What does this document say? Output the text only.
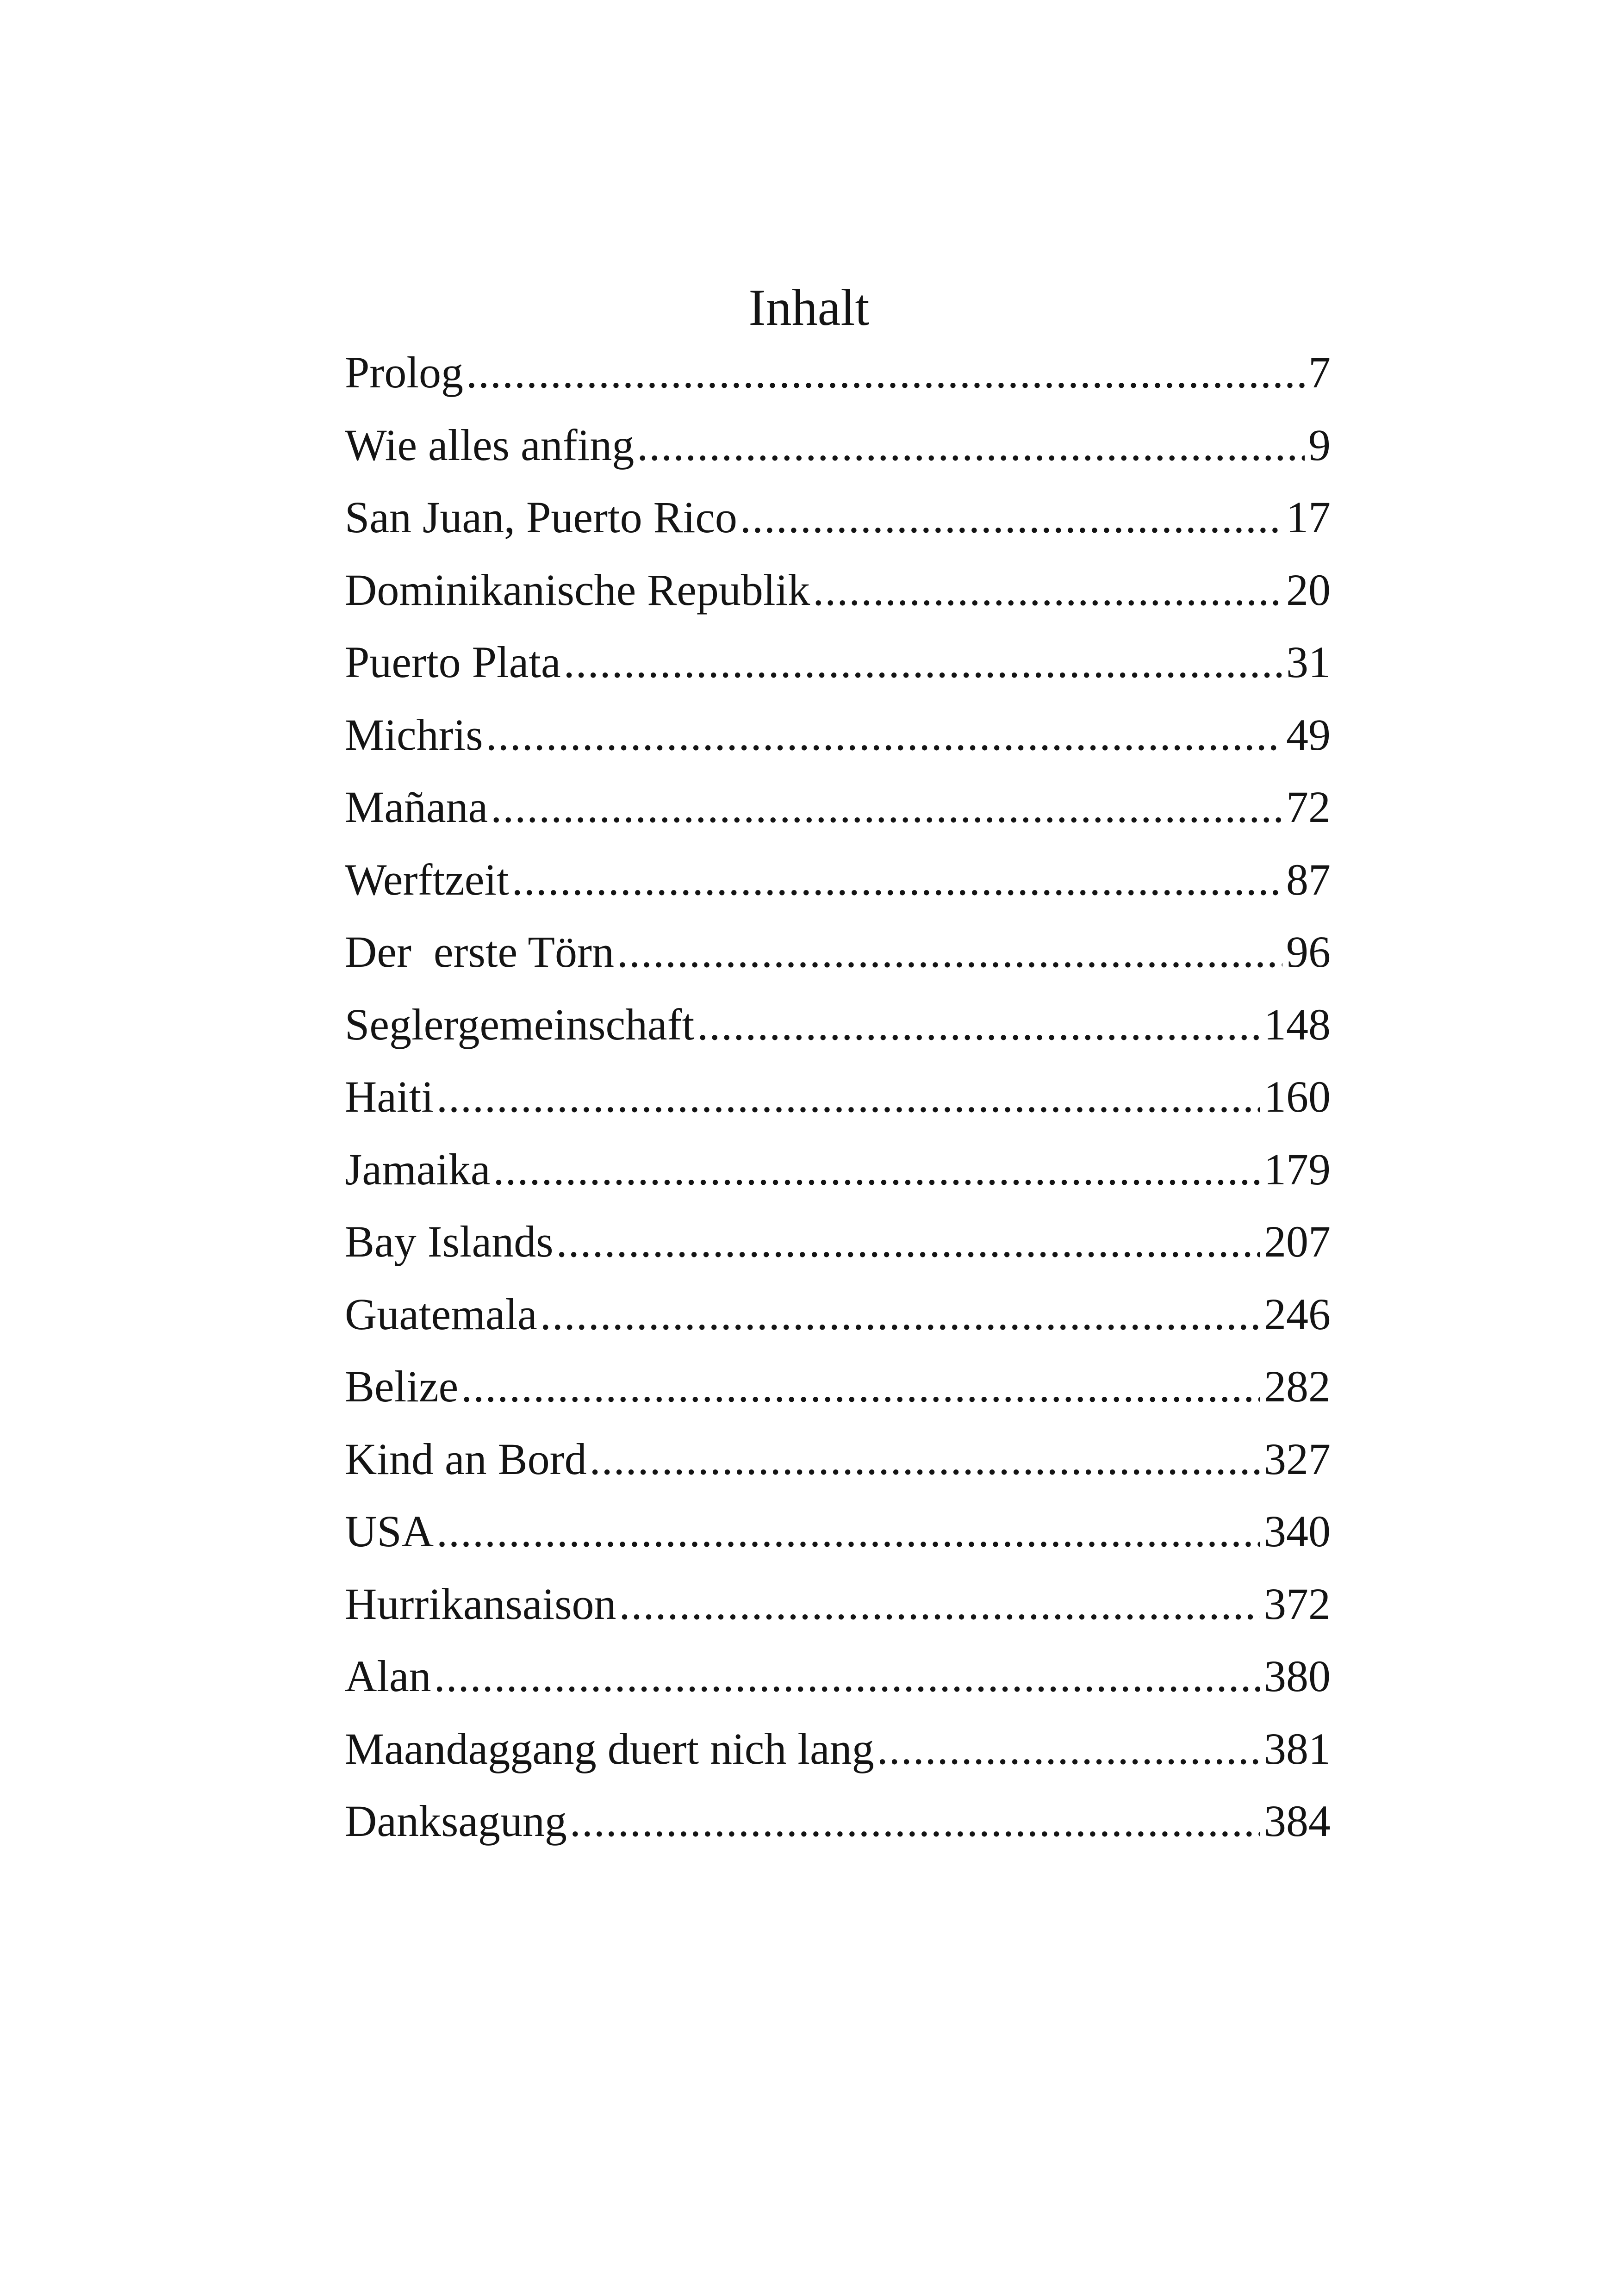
Inhalt
Prolog .....	7
Wie alles anfing .....	9
San Juan, Puerto Rico .....	17
Dominikanische Republik .....	20
Puerto Plata .....	31
Michris .....	49
Mañana .....	72
Werftzeit .....	87
Der  erste Törn .....	96
Seglergemeinschaft .....	148
Haiti .....	160
Jamaika .....	179
Bay Islands .....	207
Guatemala .....	246
Belize .....	282
Kind an Bord .....	327
USA .....	340
Hurrikansaison .....	372
Alan .....	380
Maandaggang duert nich lang .....	381
Danksagung .....	384
